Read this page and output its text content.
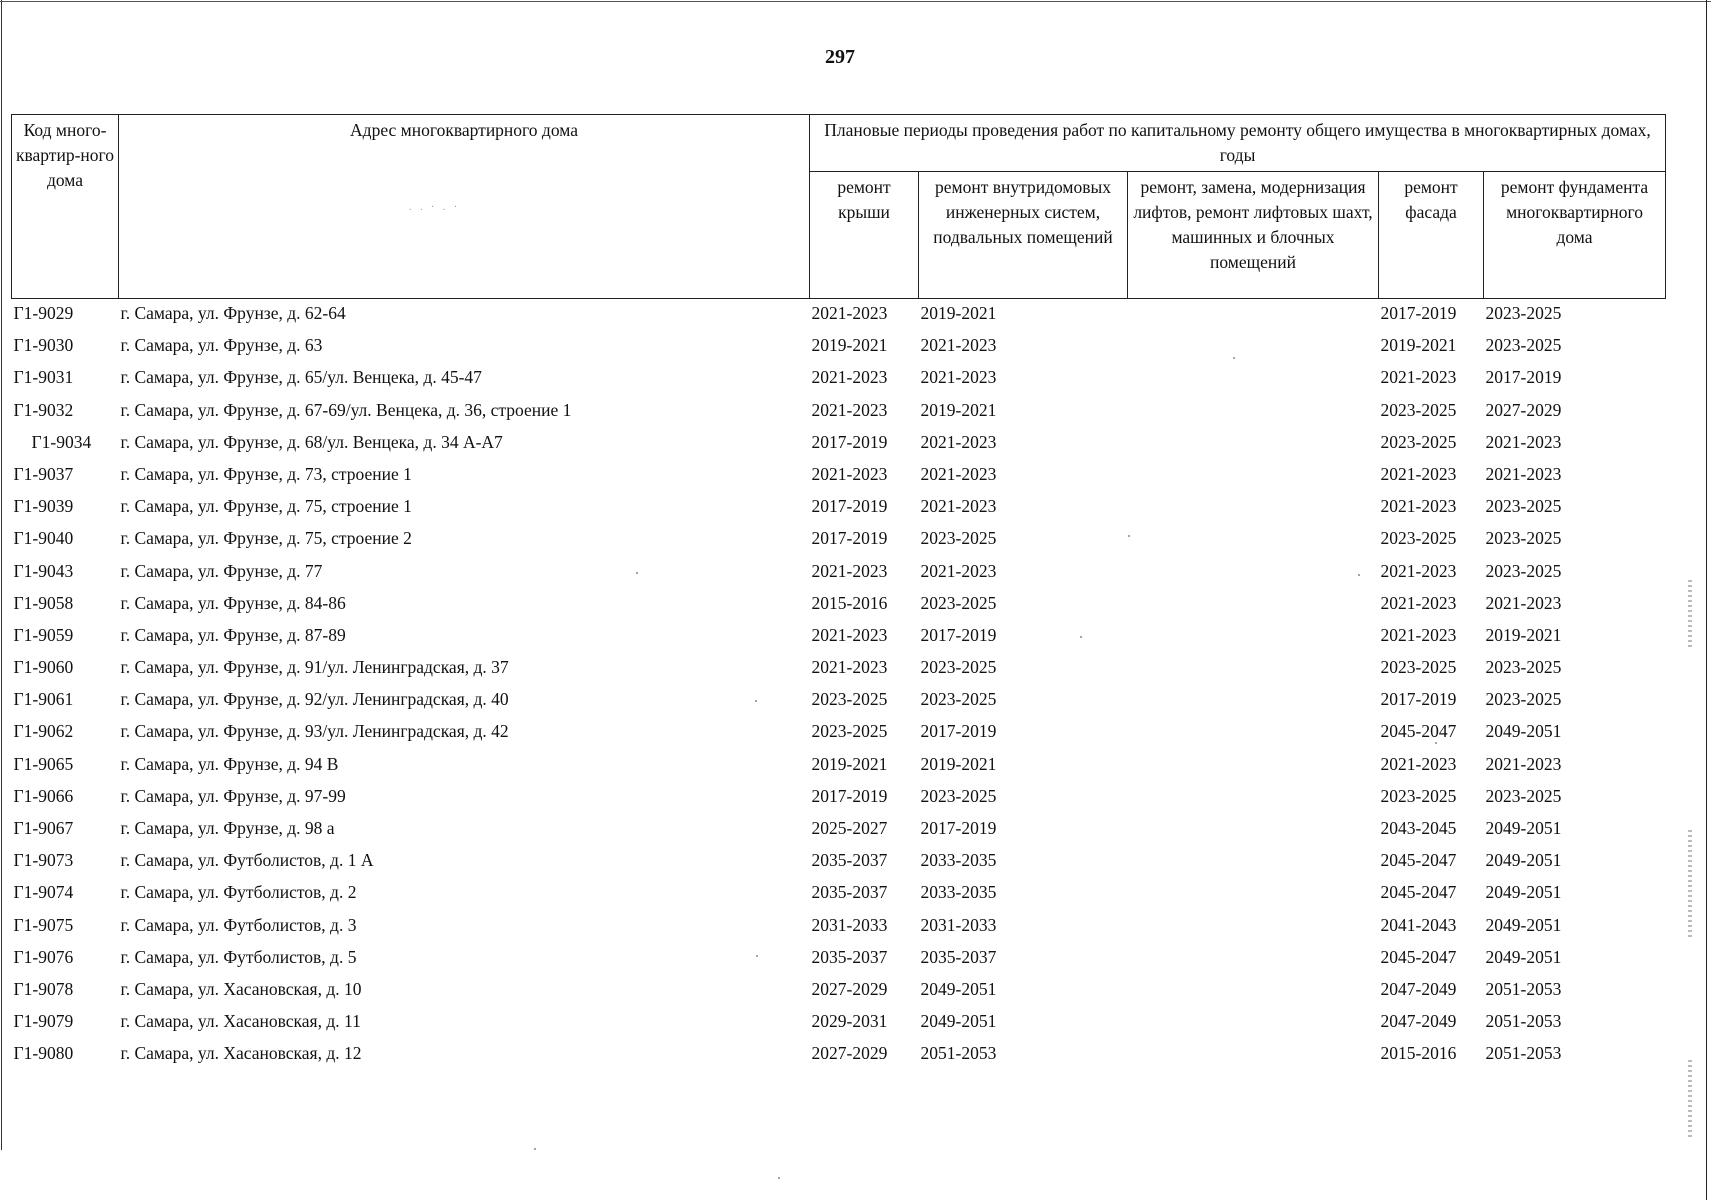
297
Код много-квартир-ного дома	Адрес многоквартирного дома
. . · . ·	Плановые периоды проведения работ по капитальному ремонту общего имущества в многоквартирных домах, годы				
		ремонт крыши	ремонт внутридомовых инженерных систем, подвальных помещений	ремонт, замена, модернизация лифтов, ремонт лифтовых шахт, машинных и блочных помещений	ремонт фасада	ремонт фундамента многоквартирного дома
Г1-9029	г. Самара, ул. Фрунзе, д. 62-64	2021-2023	2019-2021		2017-2019	2023-2025
Г1-9030	г. Самара, ул. Фрунзе, д. 63	2019-2021	2021-2023		2019-2021	2023-2025
Г1-9031	г. Самара, ул. Фрунзе, д. 65/ул. Венцека, д. 45-47	2021-2023	2021-2023		2021-2023	2017-2019
Г1-9032	г. Самара, ул. Фрунзе, д. 67-69/ул. Венцека, д. 36, строение 1	2021-2023	2019-2021		2023-2025	2027-2029
Г1-9034	г. Самара, ул. Фрунзе, д. 68/ул. Венцека, д. 34 А-А7	2017-2019	2021-2023		2023-2025	2021-2023
Г1-9037	г. Самара, ул. Фрунзе, д. 73, строение 1	2021-2023	2021-2023		2021-2023	2021-2023
Г1-9039	г. Самара, ул. Фрунзе, д. 75, строение 1	2017-2019	2021-2023		2021-2023	2023-2025
Г1-9040	г. Самара, ул. Фрунзе, д. 75, строение 2	2017-2019	2023-2025		2023-2025	2023-2025
Г1-9043	г. Самара, ул. Фрунзе, д. 77	2021-2023	2021-2023		2021-2023	2023-2025
Г1-9058	г. Самара, ул. Фрунзе, д. 84-86	2015-2016	2023-2025		2021-2023	2021-2023
Г1-9059	г. Самара, ул. Фрунзе, д. 87-89	2021-2023	2017-2019		2021-2023	2019-2021
Г1-9060	г. Самара, ул. Фрунзе, д. 91/ул. Ленинградская, д. 37	2021-2023	2023-2025		2023-2025	2023-2025
Г1-9061	г. Самара, ул. Фрунзе, д. 92/ул. Ленинградская, д. 40	2023-2025	2023-2025		2017-2019	2023-2025
Г1-9062	г. Самара, ул. Фрунзе, д. 93/ул. Ленинградская, д. 42	2023-2025	2017-2019		2045-2047	2049-2051
Г1-9065	г. Самара, ул. Фрунзе, д. 94 В	2019-2021	2019-2021		2021-2023	2021-2023
Г1-9066	г. Самара, ул. Фрунзе, д. 97-99	2017-2019	2023-2025		2023-2025	2023-2025
Г1-9067	г. Самара, ул. Фрунзе, д. 98 а	2025-2027	2017-2019		2043-2045	2049-2051
Г1-9073	г. Самара, ул. Футболистов, д. 1 А	2035-2037	2033-2035		2045-2047	2049-2051
Г1-9074	г. Самара, ул. Футболистов, д. 2	2035-2037	2033-2035		2045-2047	2049-2051
Г1-9075	г. Самара, ул. Футболистов, д. 3	2031-2033	2031-2033		2041-2043	2049-2051
Г1-9076	г. Самара, ул. Футболистов, д. 5	2035-2037	2035-2037		2045-2047	2049-2051
Г1-9078	г. Самара, ул. Хасановская, д. 10	2027-2029	2049-2051		2047-2049	2051-2053
Г1-9079	г. Самара, ул. Хасановская, д. 11	2029-2031	2049-2051		2047-2049	2051-2053
Г1-9080	г. Самара, ул. Хасановская, д. 12	2027-2029	2051-2053		2015-2016	2051-2053
